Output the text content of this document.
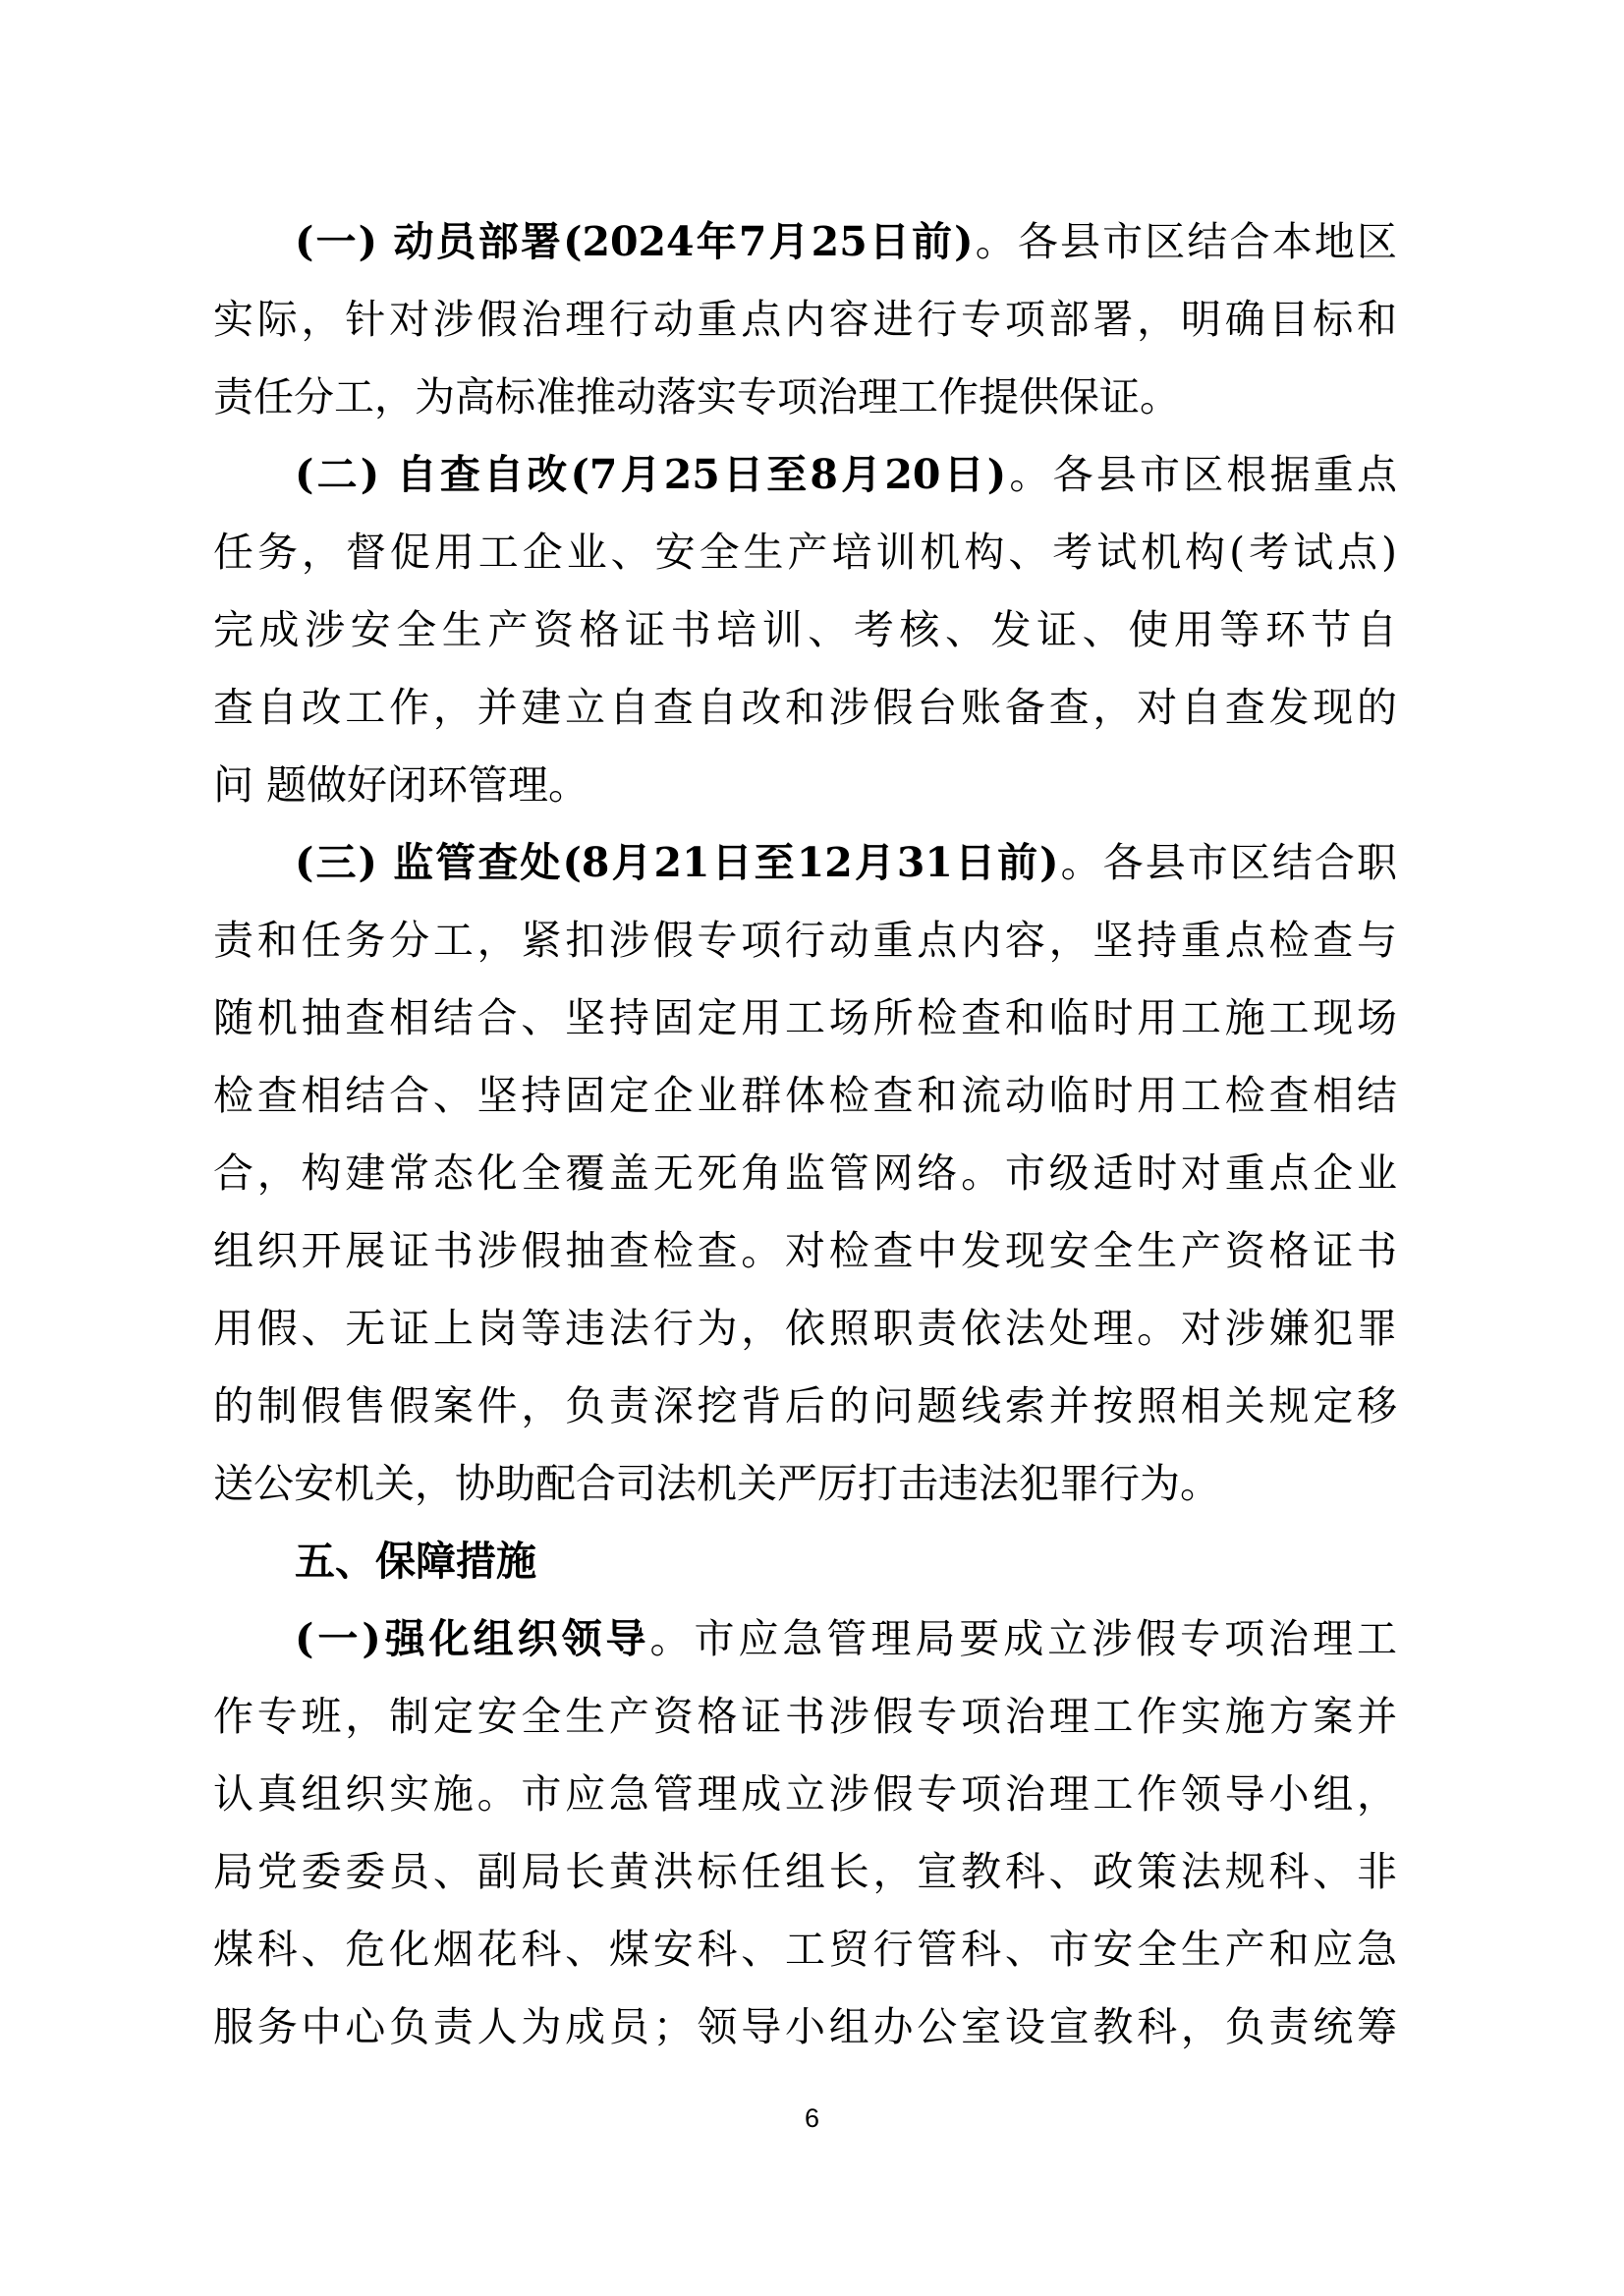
(一) 动员部署(2024年7月25日前)。各县市区结合本地区
实际，针对涉假治理行动重点内容进行专项部署，明确目标和
责任分工，为高标准推动落实专项治理工作提供保证。
(二) 自查自改(7月25日至8月20日)。各县市区根据重点
任务，督促用工企业、安全生产培训机构、考试机构(考试点)
完成涉安全生产资格证书培训、考核、发证、使用等环节自
查自改工作，并建立自查自改和涉假台账备查，对自查发现的
问 题做好闭环管理。
(三) 监管查处(8月21日至12月31日前)。各县市区结合职
责和任务分工，紧扣涉假专项行动重点内容，坚持重点检查与
随机抽查相结合、坚持固定用工场所检查和临时用工施工现场
检查相结合、坚持固定企业群体检查和流动临时用工检查相结
合，构建常态化全覆盖无死角监管网络。市级适时对重点企业
组织开展证书涉假抽查检查。对检查中发现安全生产资格证书
用假、无证上岗等违法行为，依照职责依法处理。对涉嫌犯罪
的制假售假案件，负责深挖背后的问题线索并按照相关规定移
送公安机关，协助配合司法机关严厉打击违法犯罪行为。
五、保障措施
(一)强化组织领导。市应急管理局要成立涉假专项治理工
作专班，制定安全生产资格证书涉假专项治理工作实施方案并
认真组织实施。市应急管理成立涉假专项治理工作领导小组，
局党委委员、副局长黄洪标任组长，宣教科、政策法规科、非
煤科、危化烟花科、煤安科、工贸行管科、市安全生产和应急
服务中心负责人为成员；领导小组办公室设宣教科，负责统筹
6
